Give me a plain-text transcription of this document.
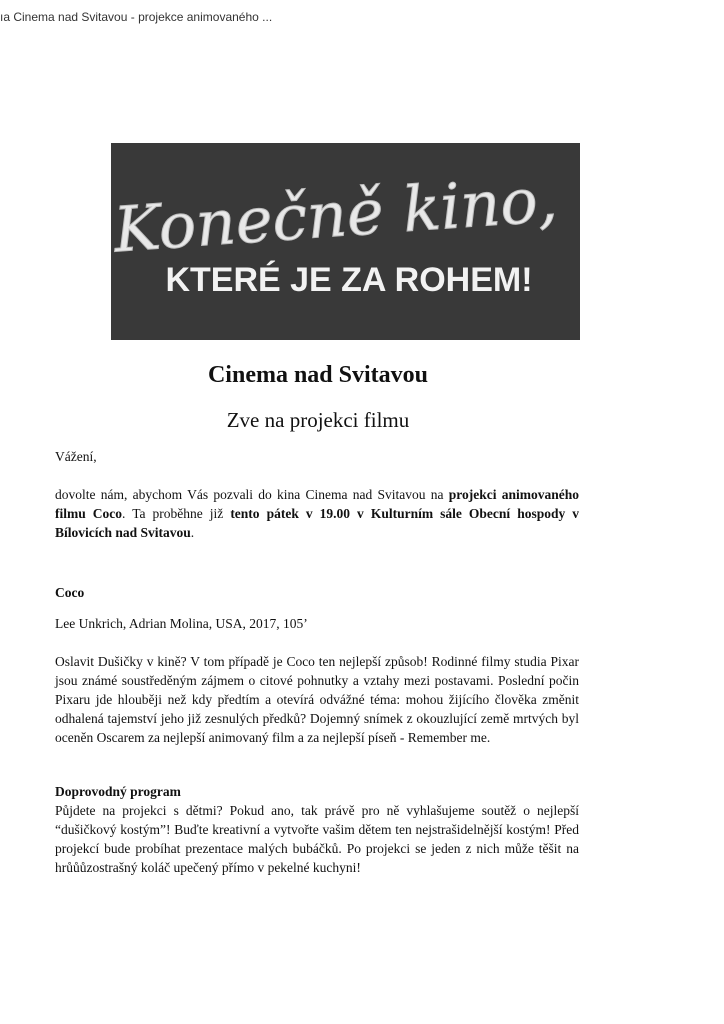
ıa Cinema nad Svitavou - projekce animovaného ...
Konečně kino,
KTERÉ JE ZA ROHEM!
Cinema nad Svitavou
Zve na projekci filmu
Vážení,
dovolte nám, abychom Vás pozvali do kina Cinema nad Svitavou na projekci animovaného filmu Coco. Ta proběhne již tento pátek v 19.00 v Kulturním sále Obecní hospody v Bílovicích nad Svitavou.
Coco
Lee Unkrich, Adrian Molina, USA, 2017, 105’
Oslavit Dušičky v kině? V tom případě je Coco ten nejlepší způsob! Rodinné filmy studia Pixar jsou známé soustředěným zájmem o citové pohnutky a vztahy mezi postavami. Poslední počin Pixaru jde hlouběji než kdy předtím a otevírá odvážné téma: mohou žijícího člověka změnit odhalená tajemství jeho již zesnulých předků? Dojemný snímek z okouzlující země mrtvých byl oceněn Oscarem za nejlepší animovaný film a za nejlepší píseň - Remember me.
Doprovodný program
Půjdete na projekci s dětmi? Pokud ano, tak právě pro ně vyhlašujeme soutěž o nejlepší “dušičkový kostým”! Buďte kreativní a vytvořte vašim dětem ten nejstrašidelnější kostým! Před projekcí bude probíhat prezentace malých bubáčků. Po projekci se jeden z nich může těšit na hrůůůzostrašný koláč upečený přímo v pekelné kuchyni!
